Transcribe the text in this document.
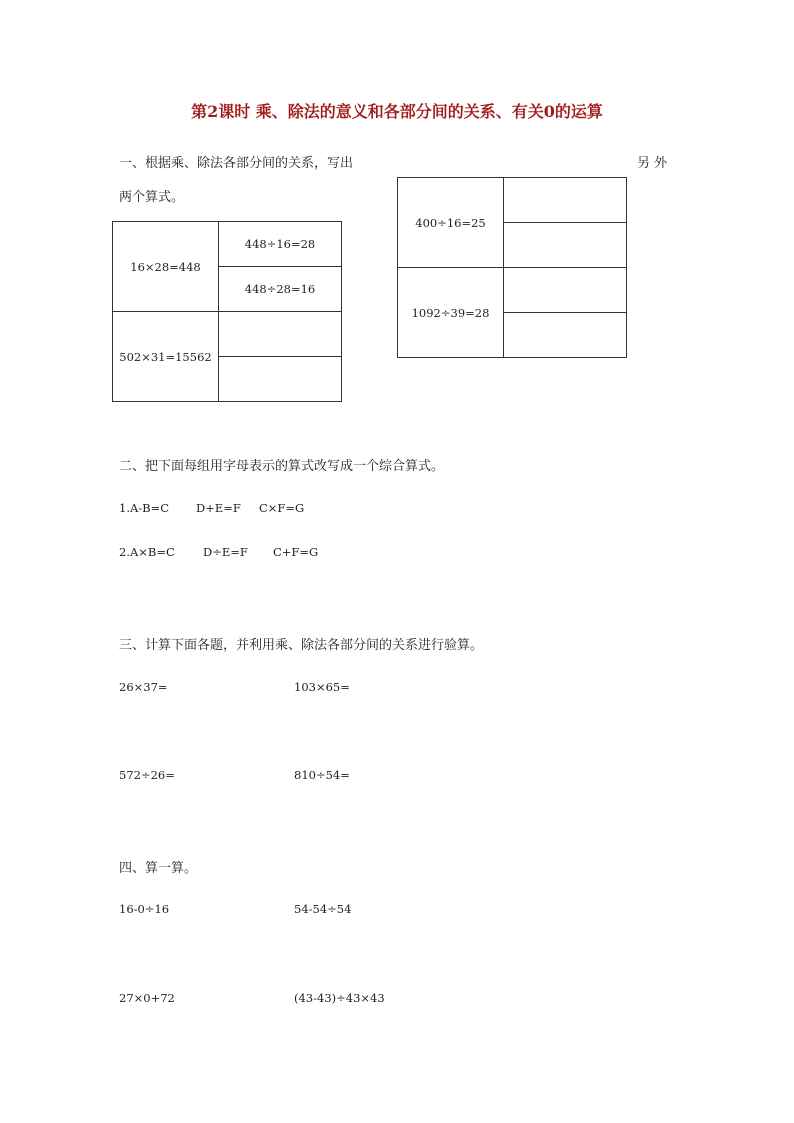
第2课时 乘、除法的意义和各部分间的关系、有关0的运算
一、根据乘、除法各部分间的关系，写出	另 外
两个算式。
16×28=448	448÷16=28
	448÷28=16
502×31=15562	

400÷16=25	

1092÷39=28	

二、把下面每组用字母表示的算式改写成一个综合算式。
1.A-B=C D+E=F C×F=G
2.A×B=C D÷E=F C+F=G
三、计算下面各题，并利用乘、除法各部分间的关系进行验算。
26×37=	103×65=
572÷26=	810÷54=
四、算一算。
16-0÷16	54-54÷54
27×0+72	(43-43)÷43×43
